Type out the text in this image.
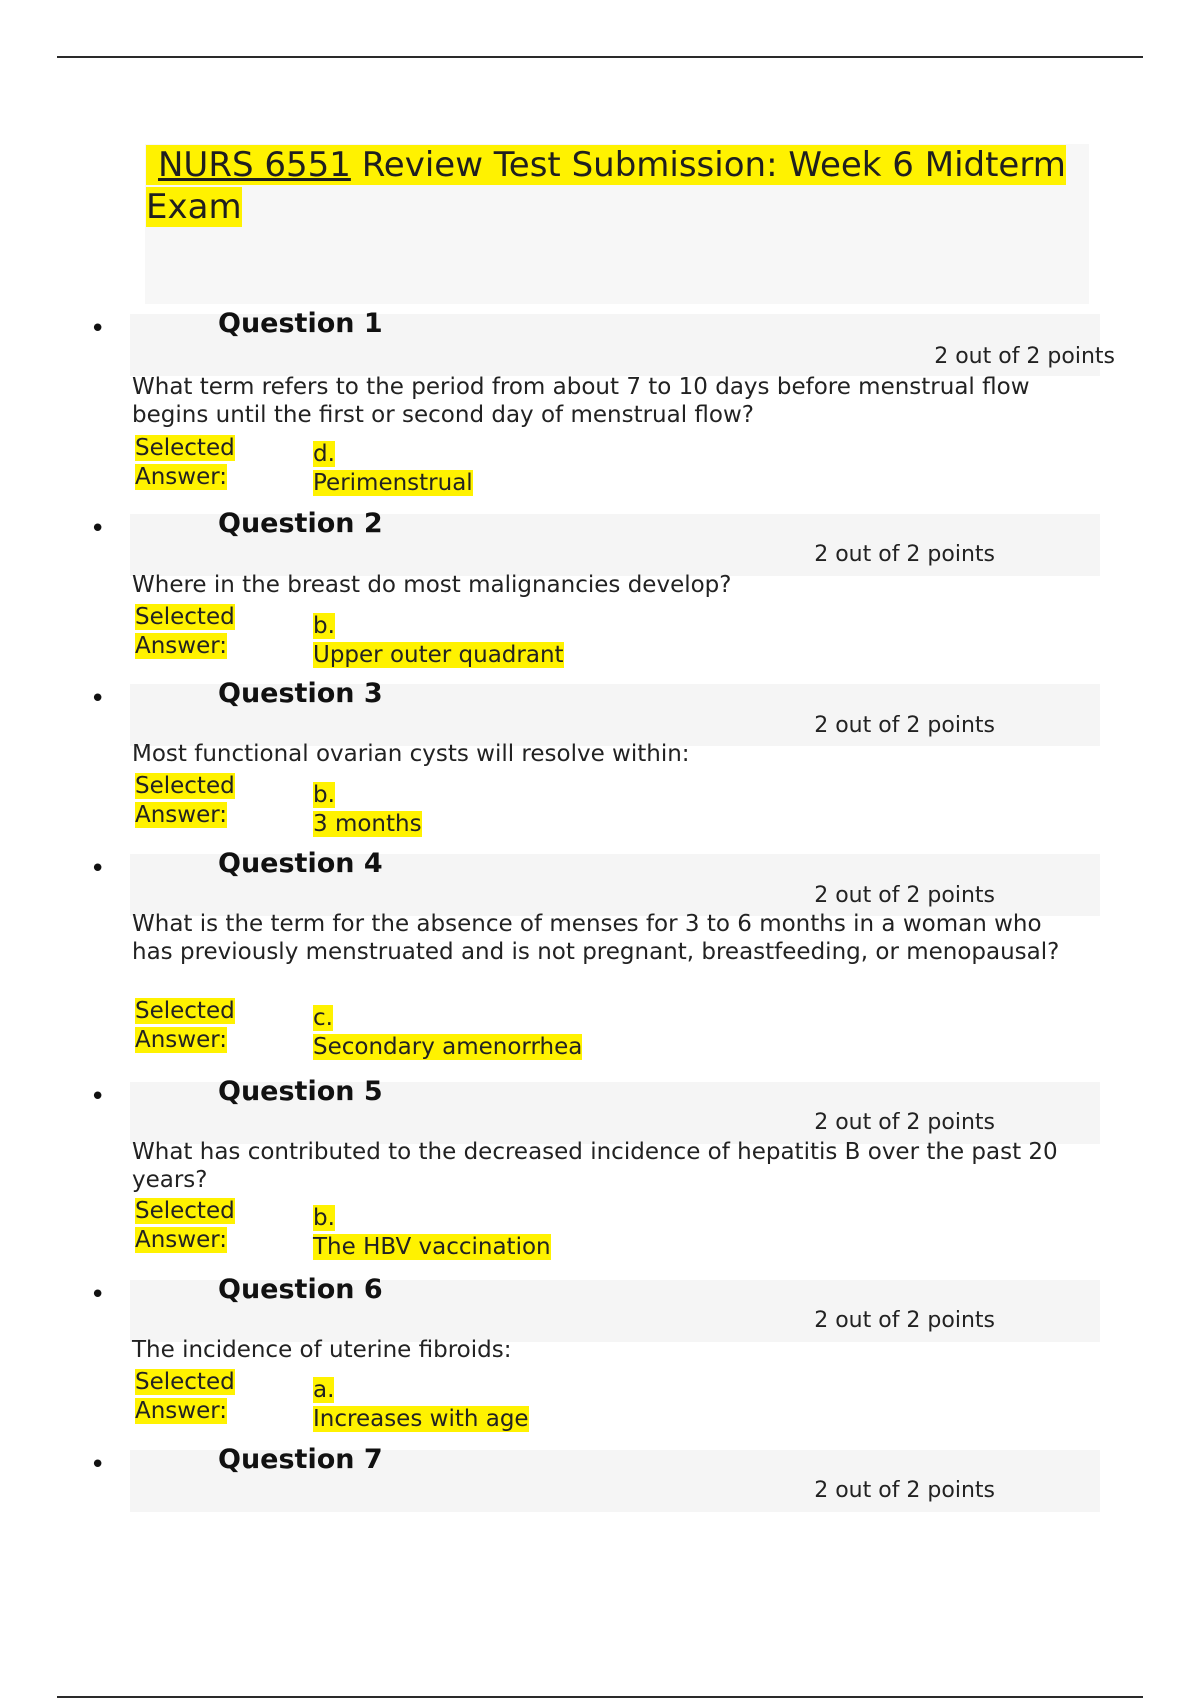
NURS 6551 Review Test Submission: Week 6 Midterm Exam
•	Question 1
2 out of 2 points
What term refers to the period from about 7 to 10 days before menstrual flow begins until the first or second day of menstrual flow?
Selected
Answer:
d.
Perimenstrual
•	Question 2
2 out of 2 points
Where in the breast do most malignancies develop?
Selected
Answer:
b.
Upper outer quadrant
•	Question 3
2 out of 2 points
Most functional ovarian cysts will resolve within:
Selected
Answer:
b.
3 months
•	Question 4
2 out of 2 points
What is the term for the absence of menses for 3 to 6 months in a woman who has previously menstruated and is not pregnant, breastfeeding, or menopausal?
Selected
Answer:
c.
Secondary amenorrhea
•	Question 5
2 out of 2 points
What has contributed to the decreased incidence of hepatitis B over the past 20 years?
Selected
Answer:
b.
The HBV vaccination
•	Question 6
2 out of 2 points
The incidence of uterine fibroids:
Selected
Answer:
a.
Increases with age
•	Question 7
2 out of 2 points
